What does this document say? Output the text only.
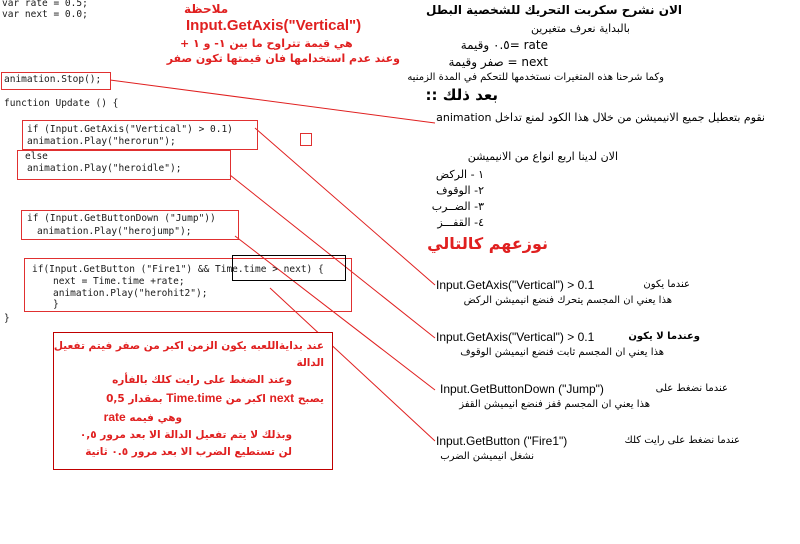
var rate = 0.5;
var next = 0.0;
animation.Stop();
function Update () {
if (Input.GetAxis("Vertical") > 0.1)
animation.Play("herorun");
else
animation.Play("heroidle");
if (Input.GetButtonDown ("Jump"))
animation.Play("herojump");
if(Input.GetButton ("Fire1") && Time.time > next) {
next = Time.time +rate;
animation.Play("herohit2");
}
}
ملاحظة
Input.GetAxis("Vertical")
هي قيمة تتراوح ما بين ١- و ١ +
وعند عدم استخدامها فان قيمتها تكون صفر
الان نشرح سكربت التحريك للشخصية البطل
بالبداية نعرف متغيرين
rate =٠.٥ وقيمة
next = صفر وقيمة
وكما شرحنا هذه المتغيرات نستخدمها للتحكم في المدة الزمنيه
بعد ذلك ::
نقوم بتعطيل جميع الانيميشن من خلال هذا الكود لمنع تداخل animation
الان لدينا اربع انواع من الانيميشن
١ - الركض
٢- الوقوف
٣- الضــرب
٤- القفـــز
نوزعهم كالتالي
Input.GetAxis("Vertical") > 0.1	عندما يكون
هذا يعني ان المجسم يتحرك فنضع انيميشن الركض
Input.GetAxis("Vertical") > 0.1	وعندما لا يكون
هذا يعني ان المجسم ثابت فنضع انيميشن الوقوف
Input.GetButtonDown ("Jump")	عندما نضغط على
هذا يعني ان المجسم قفز فنضع انيميشن القفز
Input.GetButton ("Fire1")	عندما نضغط على رايت كلك
نشغل انيميشن الضرب
عند بدايةاللعبه يكون الزمن اكبر من صفر فيتم تفعيل
الدالة
وعند الضغط على رايت كلك بالفأره
يصبح next اكبر من Time.time بمقدار 0,5
وهي فيمه rate
وبذلك لا يتم تفعيل الدالة الا بعد مرور ٠,٥
لن تستطيع الضرب الا بعد مرور ٠.٥ ثانية
